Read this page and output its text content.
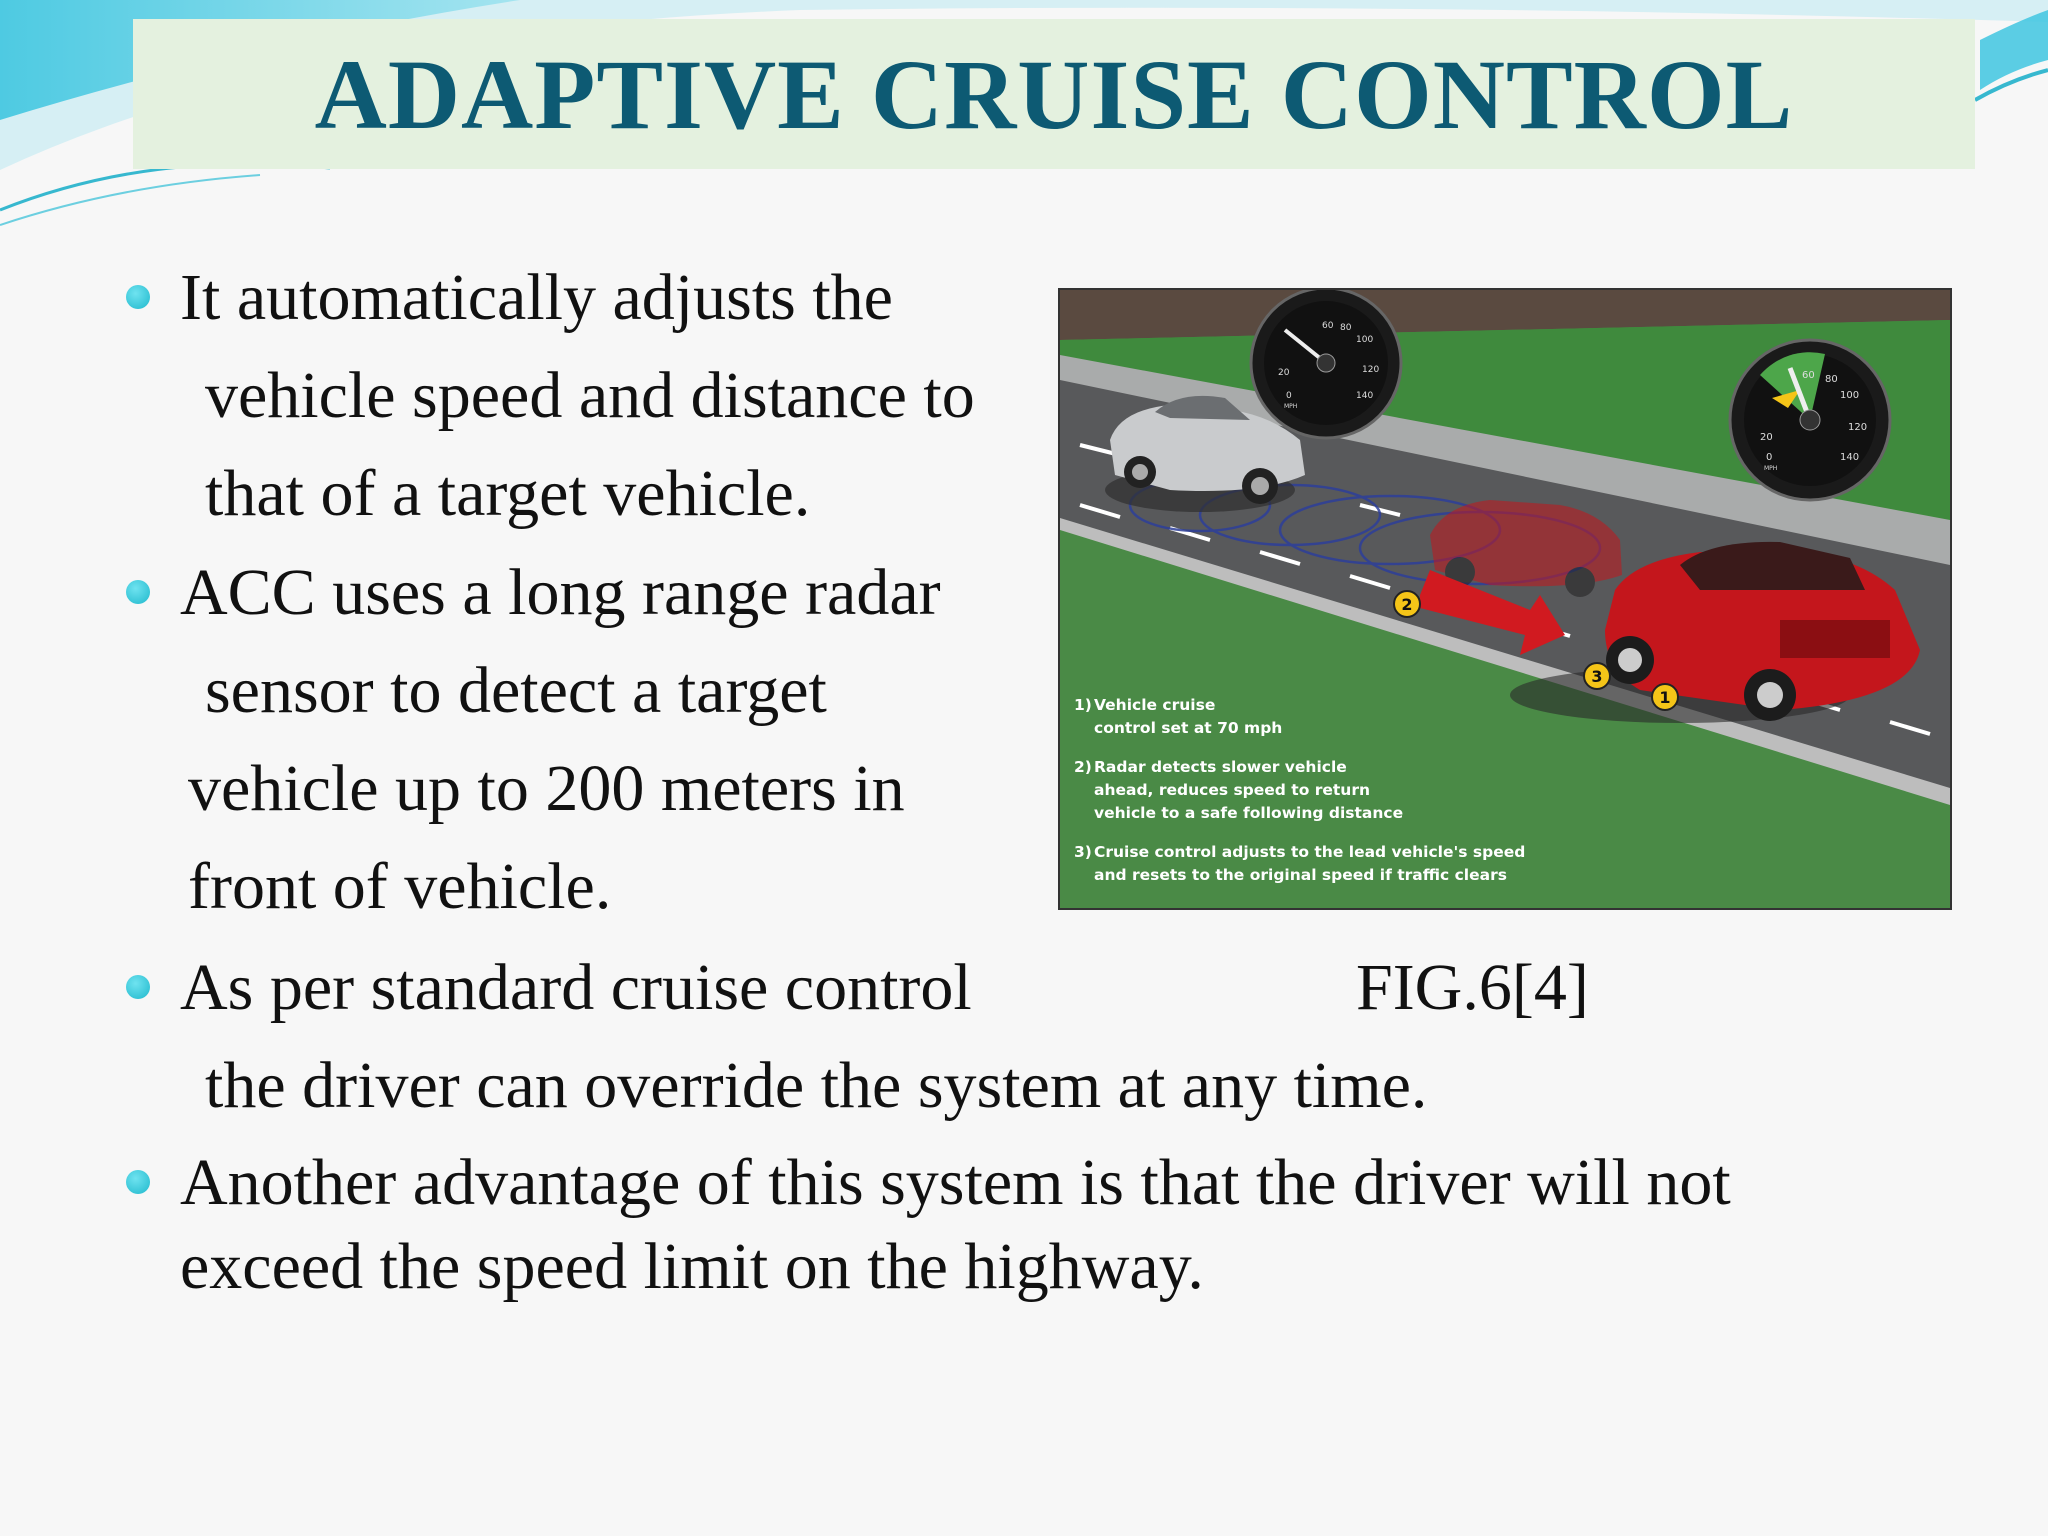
ADAPTIVE CRUISE CONTROL
It automatically adjusts the
vehicle speed and distance to
that of a target vehicle.
ACC uses a long range radar
sensor to detect a target
vehicle up to 200 meters in
front of vehicle.
As per standard cruise control
the driver can override the system at any time.
Another advantage of this system is that the driver will not
exceed the speed limit on the highway.
FIG.6[4]
2
3
1
20
60 80
100
120
140
0
MPH
20
60 80
100
120
140
0
MPH
1) Vehicle cruise
control set at 70 mph
2) Radar detects slower vehicle
ahead, reduces speed to return
vehicle to a safe following distance
3) Cruise control adjusts to the lead vehicle's speed
and resets to the original speed if traffic clears
